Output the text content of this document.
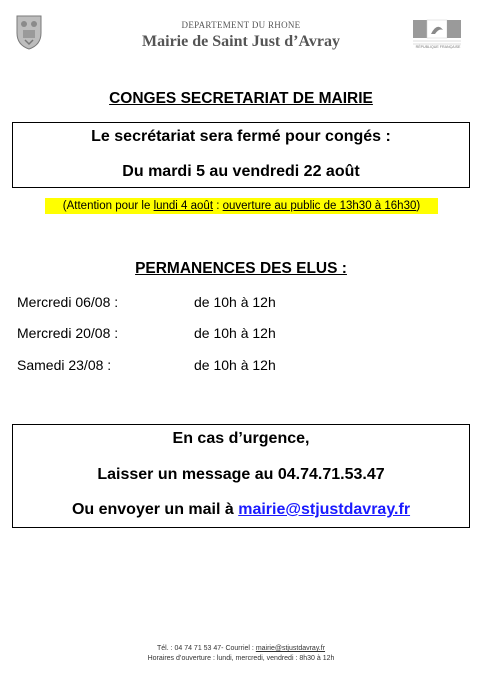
DEPARTEMENT DU RHONE
Mairie de Saint Just d’Avray	RÉPUBLIQUE FRANÇAISE
CONGES SECRETARIAT DE MAIRIE
Le secrétariat sera fermé pour congés :
Du mardi 5 au vendredi 22 août
(Attention pour le lundi 4 août : ouverture au public de 13h30 à 16h30)
PERMANENCES DES ELUS :
Mercredi 06/08 :	de 10h à 12h
Mercredi 20/08 :	de 10h à 12h
Samedi 23/08 :	de 10h à 12h
En cas d’urgence,
Laisser un message au 04.74.71.53.47
Ou envoyer un mail à mairie@stjustdavray.fr
Tél. : 04 74 71 53 47- Courriel : mairie@stjustdavray.fr
Horaires d’ouverture : lundi, mercredi, vendredi : 8h30 à 12h
